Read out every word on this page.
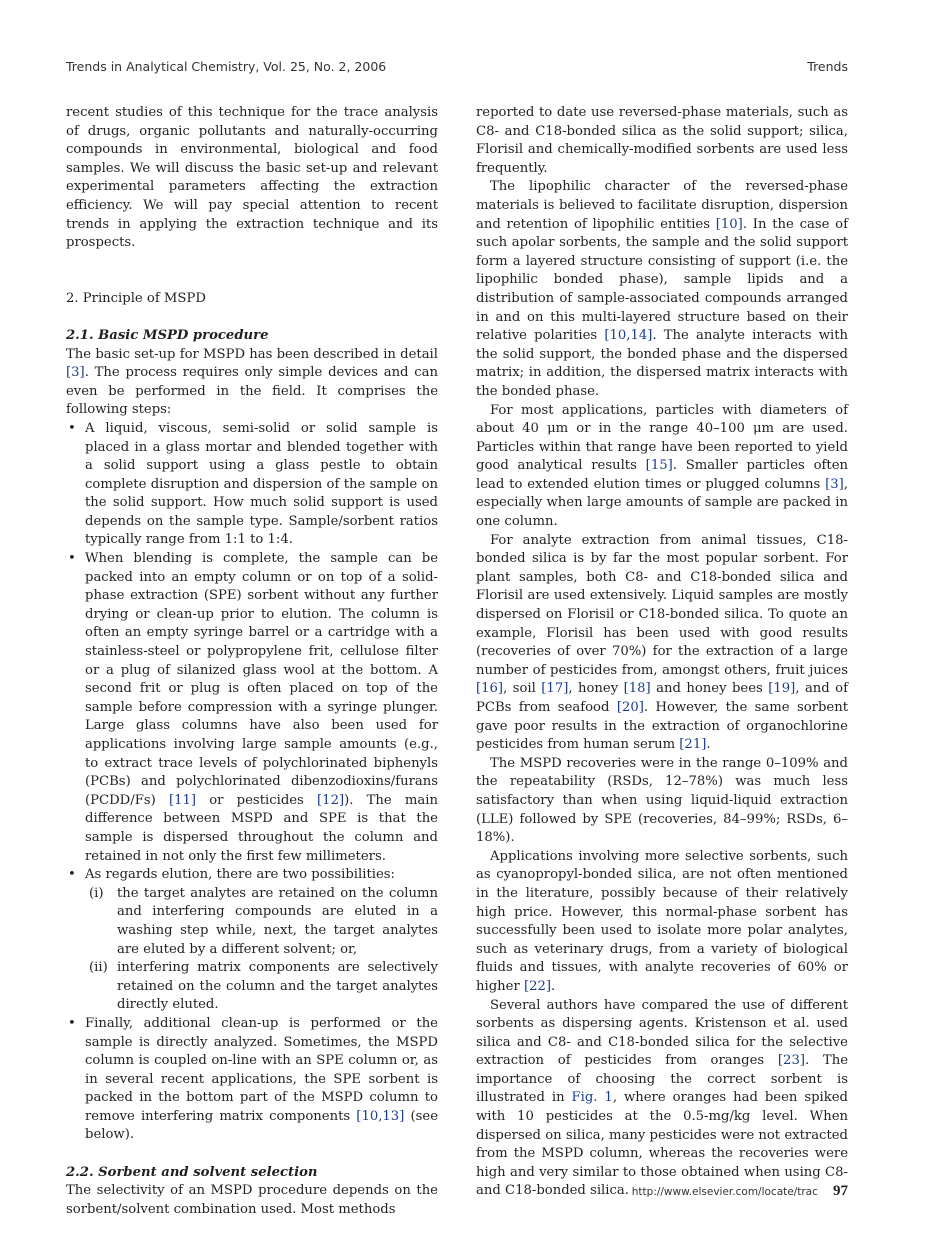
Trends in Analytical Chemistry, Vol. 25, No. 2, 2006	Trends

recent studies of this technique for the trace analysis of drugs, organic pollutants and naturally-occurring compounds in environmental, biological and food samples. We will discuss the basic set-up and relevant experimental parameters affecting the extraction efficiency. We will pay special attention to recent trends in applying the extraction technique and its prospects.

2. Principle of MSPD
2.1. Basic MSPD procedure

The basic set-up for MSPD has been described in detail [3]. The process requires only simple devices and can even be performed in the field. It comprises the following steps:

• A liquid, viscous, semi-solid or solid sample is placed in a glass mortar and blended together with a solid support using a glass pestle to obtain complete disruption and dispersion of the sample on the solid support. How much solid support is used depends on the sample type. Sample/sorbent ratios typically range from 1:1 to 1:4.
• When blending is complete, the sample can be packed into an empty column or on top of a solid-phase extraction (SPE) sorbent without any further drying or clean-up prior to elution. The column is often an empty syringe barrel or a cartridge with a stainless-steel or polypropylene frit, cellulose filter or a plug of silanized glass wool at the bottom. A second frit or plug is often placed on top of the sample before compression with a syringe plunger. Large glass columns have also been used for applications involving large sample amounts (e.g., to extract trace levels of polychlorinated biphenyls (PCBs) and polychlorinated dibenzodioxins/furans (PCDD/Fs) [11] or pesticides [12]). The main difference between MSPD and SPE is that the sample is dispersed throughout the column and retained in not only the first few millimeters.
• As regards elution, there are two possibilities:
(i) the target analytes are retained on the column and interfering compounds are eluted in a washing step while, next, the target analytes are eluted by a different solvent; or,
(ii) interfering matrix components are selectively retained on the column and the target analytes directly eluted.
• Finally, additional clean-up is performed or the sample is directly analyzed. Sometimes, the MSPD column is coupled on-line with an SPE column or, as in several recent applications, the SPE sorbent is packed in the bottom part of the MSPD column to remove interfering matrix components [10,13] (see below).
2.2. Sorbent and solvent selection

The selectivity of an MSPD procedure depends on the sorbent/solvent combination used. Most methods

reported to date use reversed-phase materials, such as C8- and C18-bonded silica as the solid support; silica, Florisil and chemically-modified sorbents are used less frequently.

The lipophilic character of the reversed-phase materials is believed to facilitate disruption, dispersion and retention of lipophilic entities [10]. In the case of such apolar sorbents, the sample and the solid support form a layered structure consisting of support (i.e. the lipophilic bonded phase), sample lipids and a distribution of sample-associated compounds arranged in and on this multi-layered structure based on their relative polarities [10,14]. The analyte interacts with the solid support, the bonded phase and the dispersed matrix; in addition, the dispersed matrix interacts with the bonded phase.

For most applications, particles with diameters of about 40 μm or in the range 40–100 μm are used. Particles within that range have been reported to yield good analytical results [15]. Smaller particles often lead to extended elution times or plugged columns [3], especially when large amounts of sample are packed in one column.

For analyte extraction from animal tissues, C18-bonded silica is by far the most popular sorbent. For plant samples, both C8- and C18-bonded silica and Florisil are used extensively. Liquid samples are mostly dispersed on Florisil or C18-bonded silica. To quote an example, Florisil has been used with good results (recoveries of over 70%) for the extraction of a large number of pesticides from, amongst others, fruit juices [16], soil [17], honey [18] and honey bees [19], and of PCBs from seafood [20]. However, the same sorbent gave poor results in the extraction of organochlorine pesticides from human serum [21].

The MSPD recoveries were in the range 0–109% and the repeatability (RSDs, 12–78%) was much less satisfactory than when using liquid-liquid extraction (LLE) followed by SPE (recoveries, 84–99%; RSDs, 6–18%).

Applications involving more selective sorbents, such as cyanopropyl-bonded silica, are not often mentioned in the literature, possibly because of their relatively high price. However, this normal-phase sorbent has successfully been used to isolate more polar analytes, such as veterinary drugs, from a variety of biological fluids and tissues, with analyte recoveries of 60% or higher [22].

Several authors have compared the use of different sorbents as dispersing agents. Kristenson et al. used silica and C8- and C18-bonded silica for the selective extraction of pesticides from oranges [23]. The importance of choosing the correct sorbent is illustrated in Fig. 1, where oranges had been spiked with 10 pesticides at the 0.5-mg/kg level. When dispersed on silica, many pesticides were not extracted from the MSPD column, whereas the recoveries were high and very similar to those obtained when using C8- and C18-bonded silica. http://www.elsevier.com/locate/trac 97
